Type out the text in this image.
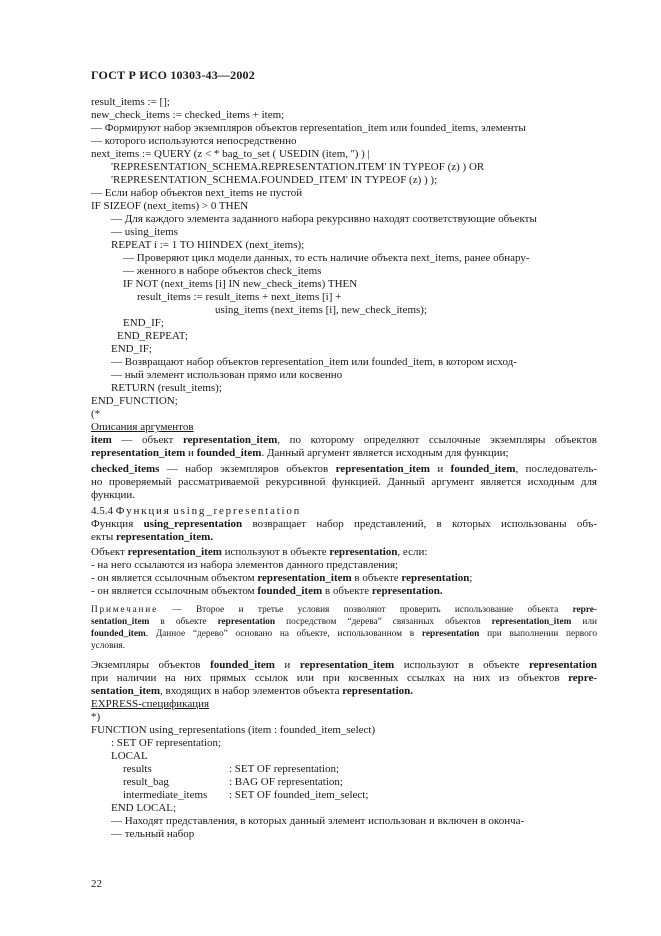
ГОСТ Р ИСО 10303-43—2002
result_items := [];
new_check_items := checked_items + item;
— Формируют набор экземпляров объектов representation_item или founded_items, элементы
— которого используются непосредственно
next_items := QUERY (z < * bag_to_set ( USEDIN (item, '') ) |
'REPRESENTATION_SCHEMA.REPRESENTATION.ITEM' IN TYPEOF (z) ) OR
'REPRESENTATION_SCHEMA.FOUNDED_ITEM' IN TYPEOF (z) ) );
— Если набор объектов next_items не пустой
IF SIZEOF (next_items) > 0 THEN
— Для каждого элемента заданного набора рекурсивно находят соответствующие объекты
— using_items
REPEAT i := 1 TO HIINDEX (next_items);
— Проверяют цикл модели данных, то есть наличие объекта next_items, ранее обнару-
— женного в наборе объектов check_items
IF NOT (next_items [i] IN new_check_items) THEN
result_items := result_items + next_items [i] +
using_items (next_items [i], new_check_items);
END_IF;
END_REPEAT;
END_IF;
— Возвращают набор объектов representation_item или founded_item, в котором исход-
— ный элемент использован прямо или косвенно
RETURN (result_items);
END_FUNCTION;
(*
Описания аргументов
item — объект representation_item, по которому определяют ссылочные экземпляры объектов
representation_item и founded_item. Данный аргумент является исходным для функции;
checked_items — набор экземпляров объектов representation_item и founded_item, последователь-
но проверяемый рассматриваемой рекурсивной функцией. Данный аргумент является исходным для
функции.
4.5.4 Функция using_representation
Функция using_representation возвращает набор представлений, в которых использованы объ-
екты representation_item.
Объект representation_item используют в объекте representation, если:
- на него ссылаются из набора элементов данного представления;
- он является ссылочным объектом representation_item в объекте representation;
- он является ссылочным объектом founded_item в объекте representation.
Примечание — Второе и третье условия позволяют проверить использование объекта repre-
sentation_item в объекте representation посредством “дерева” связанных объектов representation_item или
founded_item. Данное “дерево” основано на объекте, использованном в representation при выполнении первого
условия.
Экземпляры объектов founded_item и representation_item используют в объекте representation
при наличии на них прямых ссылок или при косвенных ссылках на них из объектов repre-
sentation_item, входящих в набор элементов объекта representation.
EXPRESS-спецификация
*)
FUNCTION using_representations (item : founded_item_select)
: SET OF representation;
LOCAL
results	: SET OF representation;
result_bag	: BAG OF representation;
intermediate_items : SET OF founded_item_select;
END LOCAL;
— Находят представления, в которых данный элемент использован и включен в оконча-
— тельный набор
22
